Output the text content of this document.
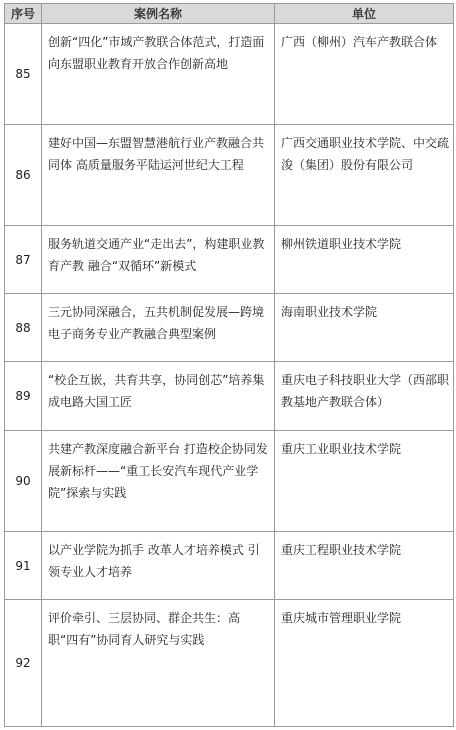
序号	案例名称	单位
85	创新“四化”市域产教联合体范式，打造面向东盟职业教育开放合作创新高地	广西（柳州）汽车产教联合体

86	建好中国—东盟智慧港航行业产教融合共同体 高质量服务平陆运河世纪大工程	广西交通职业技术学院、中交疏浚（集团）股份有限公司

87	服务轨道交通产业“走出去”，构建职业教育产教 融合“双循环”新模式	柳州铁道职业技术学院

88	三元协同深融合，五共机制促发展—跨境电子商务专业产教融合典型案例	海南职业技术学院

89	“校企互嵌，共育共享，协同创芯”培养集成电路大国工匠	重庆电子科技职业大学（西部职教基地产教联合体）

90	共建产教深度融合新平台 打造校企协同发展新标杆——“重工长安汽车现代产业学院”探索与实践	重庆工业职业技术学院

91	以产业学院为抓手 改革人才培养模式 引领专业人才培养	重庆工程职业技术学院

92	评价牵引、三层协同、群企共生：高职“四有”协同育人研究与实践	重庆城市管理职业学院
